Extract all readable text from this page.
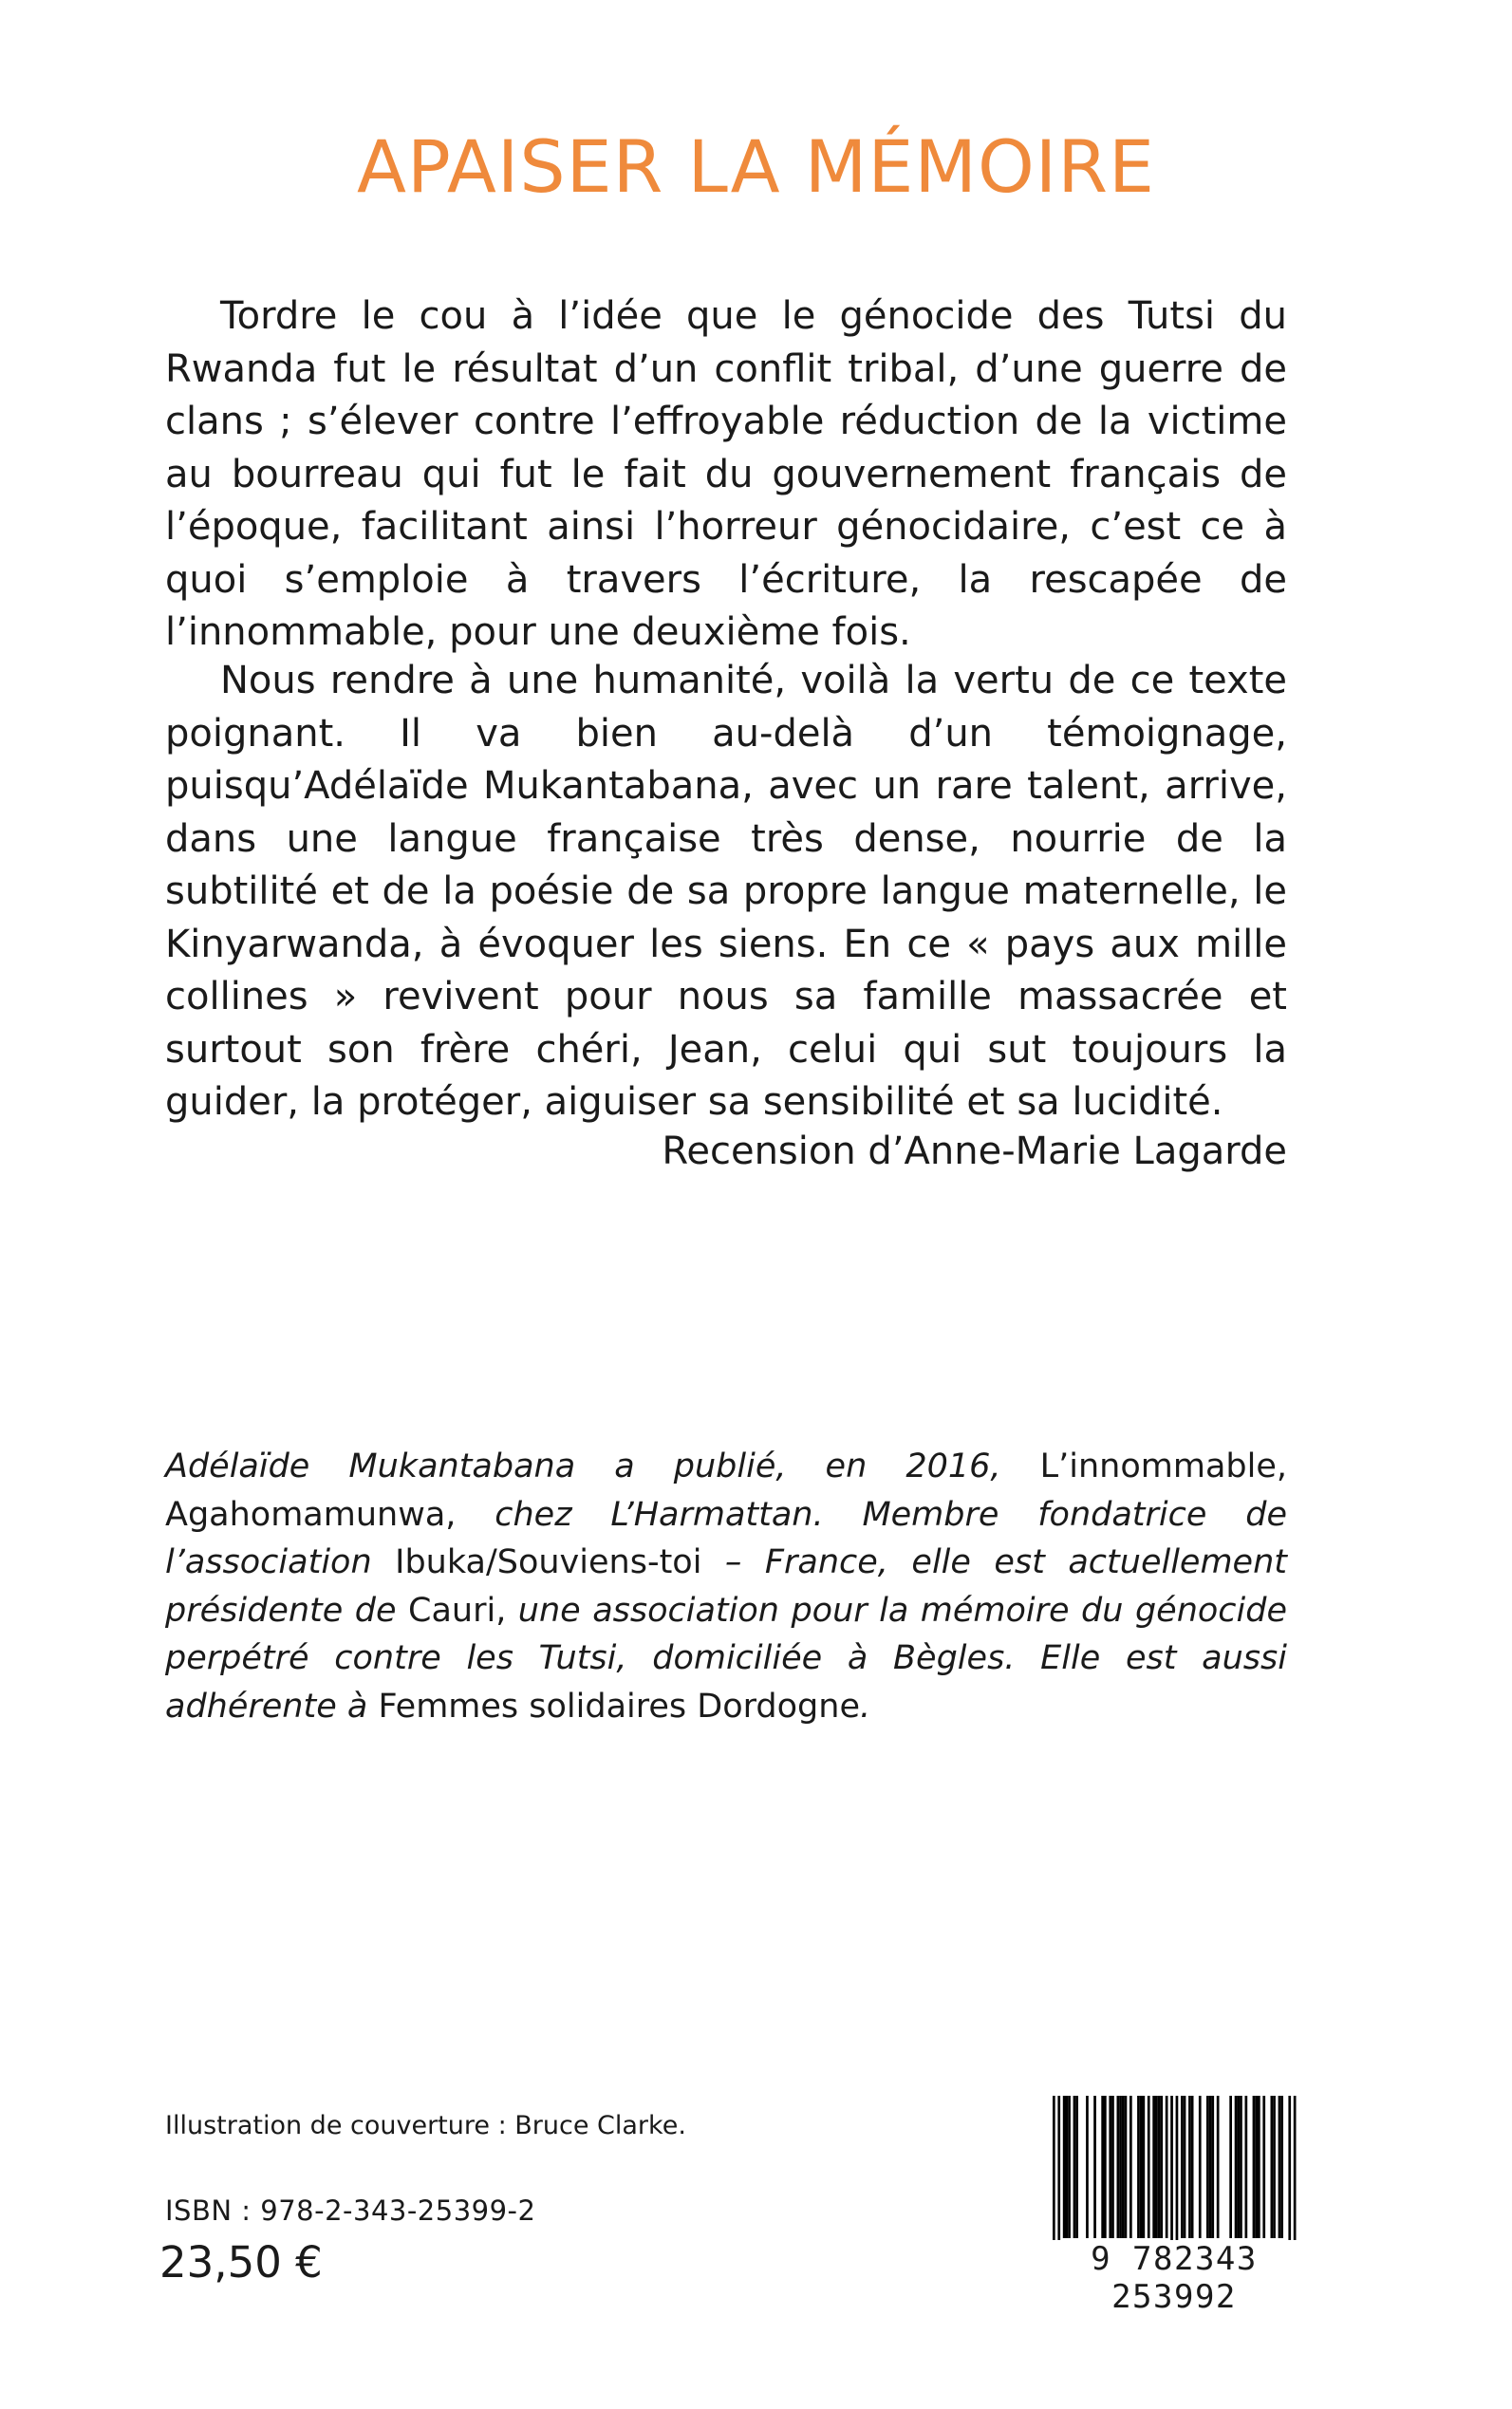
APAISER LA MÉMOIRE

Tordre le cou à l’idée que le génocide des Tutsi du Rwanda fut le résultat d’un conflit tribal, d’une guerre de clans ; s’élever contre l’effroyable réduction de la victime au bourreau qui fut le fait du gouvernement français de l’époque, facilitant ainsi l’horreur génocidaire, c’est ce à quoi s’emploie à travers l’écriture, la rescapée de l’innommable, pour une deuxième fois.

Nous rendre à une humanité, voilà la vertu de ce texte poignant. Il va bien au-delà d’un témoignage, puisqu’Adélaïde Mukantabana, avec un rare talent, arrive, dans une langue française très dense, nourrie de la subtilité et de la poésie de sa propre langue maternelle, le Kinyarwanda, à évoquer les siens. En ce « pays aux mille collines » revivent pour nous sa famille massacrée et surtout son frère chéri, Jean, celui qui sut toujours la guider, la protéger, aiguiser sa sensibilité et sa lucidité.

Recension d’Anne-Marie Lagarde

Adélaïde Mukantabana a publié, en 2016, L’innommable, Agahomamunwa, chez L’Harmattan. Membre fondatrice de l’association Ibuka/Souviens-toi – France, elle est actuellement présidente de Cauri, une association pour la mémoire du génocide perpétré contre les Tutsi, domiciliée à Bègles. Elle est aussi adhérente à Femmes solidaires Dordogne.

Illustration de couverture : Bruce Clarke.

ISBN : 978-2-343-25399-2

23,50 €	9 782343 253992
